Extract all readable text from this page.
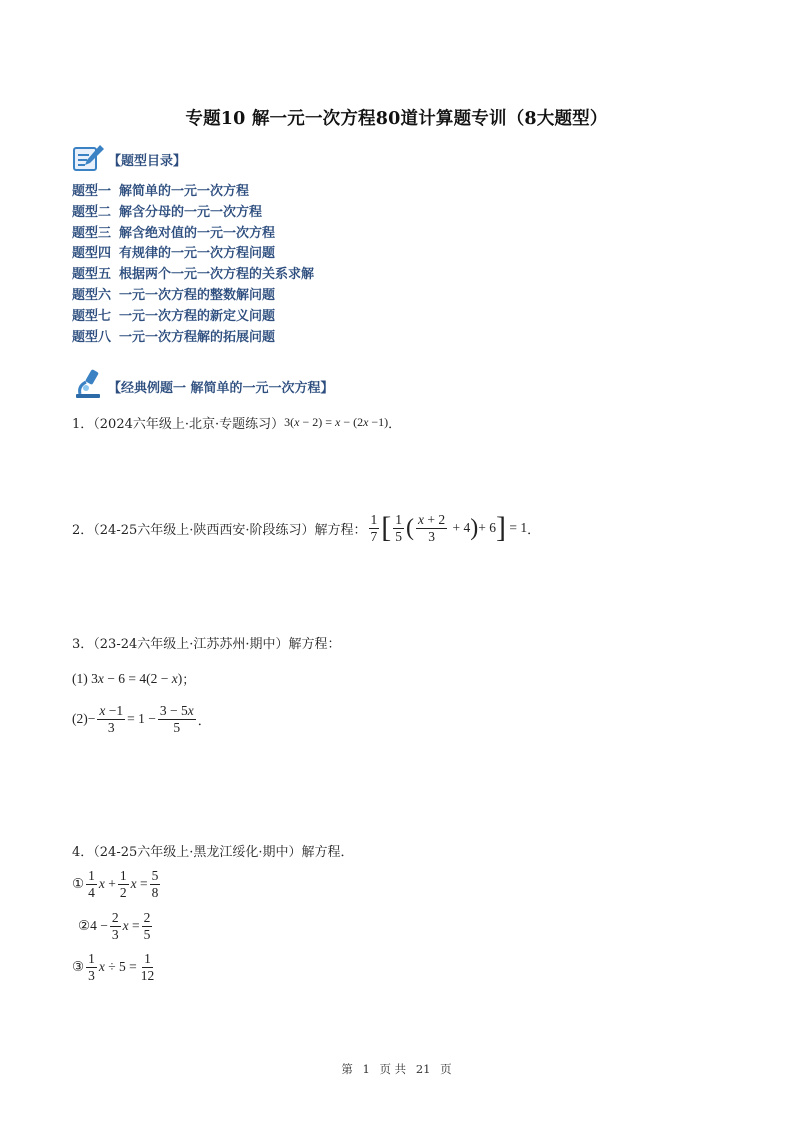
专题10 解一元一次方程80道计算题专训（8大题型）
【题型目录】
题型一 解简单的一元一次方程
题型二 解含分母的一元一次方程
题型三 解含绝对值的一元一次方程
题型四 有规律的一元一次方程问题
题型五 根据两个一元一次方程的关系求解
题型六 一元一次方程的整数解问题
题型七 一元一次方程的新定义问题
题型八 一元一次方程解的拓展问题
【经典例题一 解简单的一元一次方程】
1．（2024六年级上·北京·专题练习） 3(x − 2) = x − (2x −1) ．
2．（24-25六年级上·陕西西安·阶段练习）解方程： $\frac{1}{7}$ [ $\frac{1}{5}$ ( $\frac{x + 2}{3} + 4$ ) + 6 ] = 1 ．
3．（23-24六年级上·江苏苏州·期中）解方程：
(1) 3x − 6 = 4(2 − x) ；
$(2) - \frac{x -1}{3} = 1 - \frac{3 - 5x}{5}$ ．
4．（24-25六年级上·黑龙江绥化·期中）解方程．
① $\frac{1}{4}$ $x + \frac{1}{2}$ $x = \frac{5}{8}$
② $4 - \frac{2}{3}$ $x = \frac{2}{5}$
③ $\frac{1}{3}$ $x \div 5 = \frac{1}{12}$
第 1 页 共 21 页
